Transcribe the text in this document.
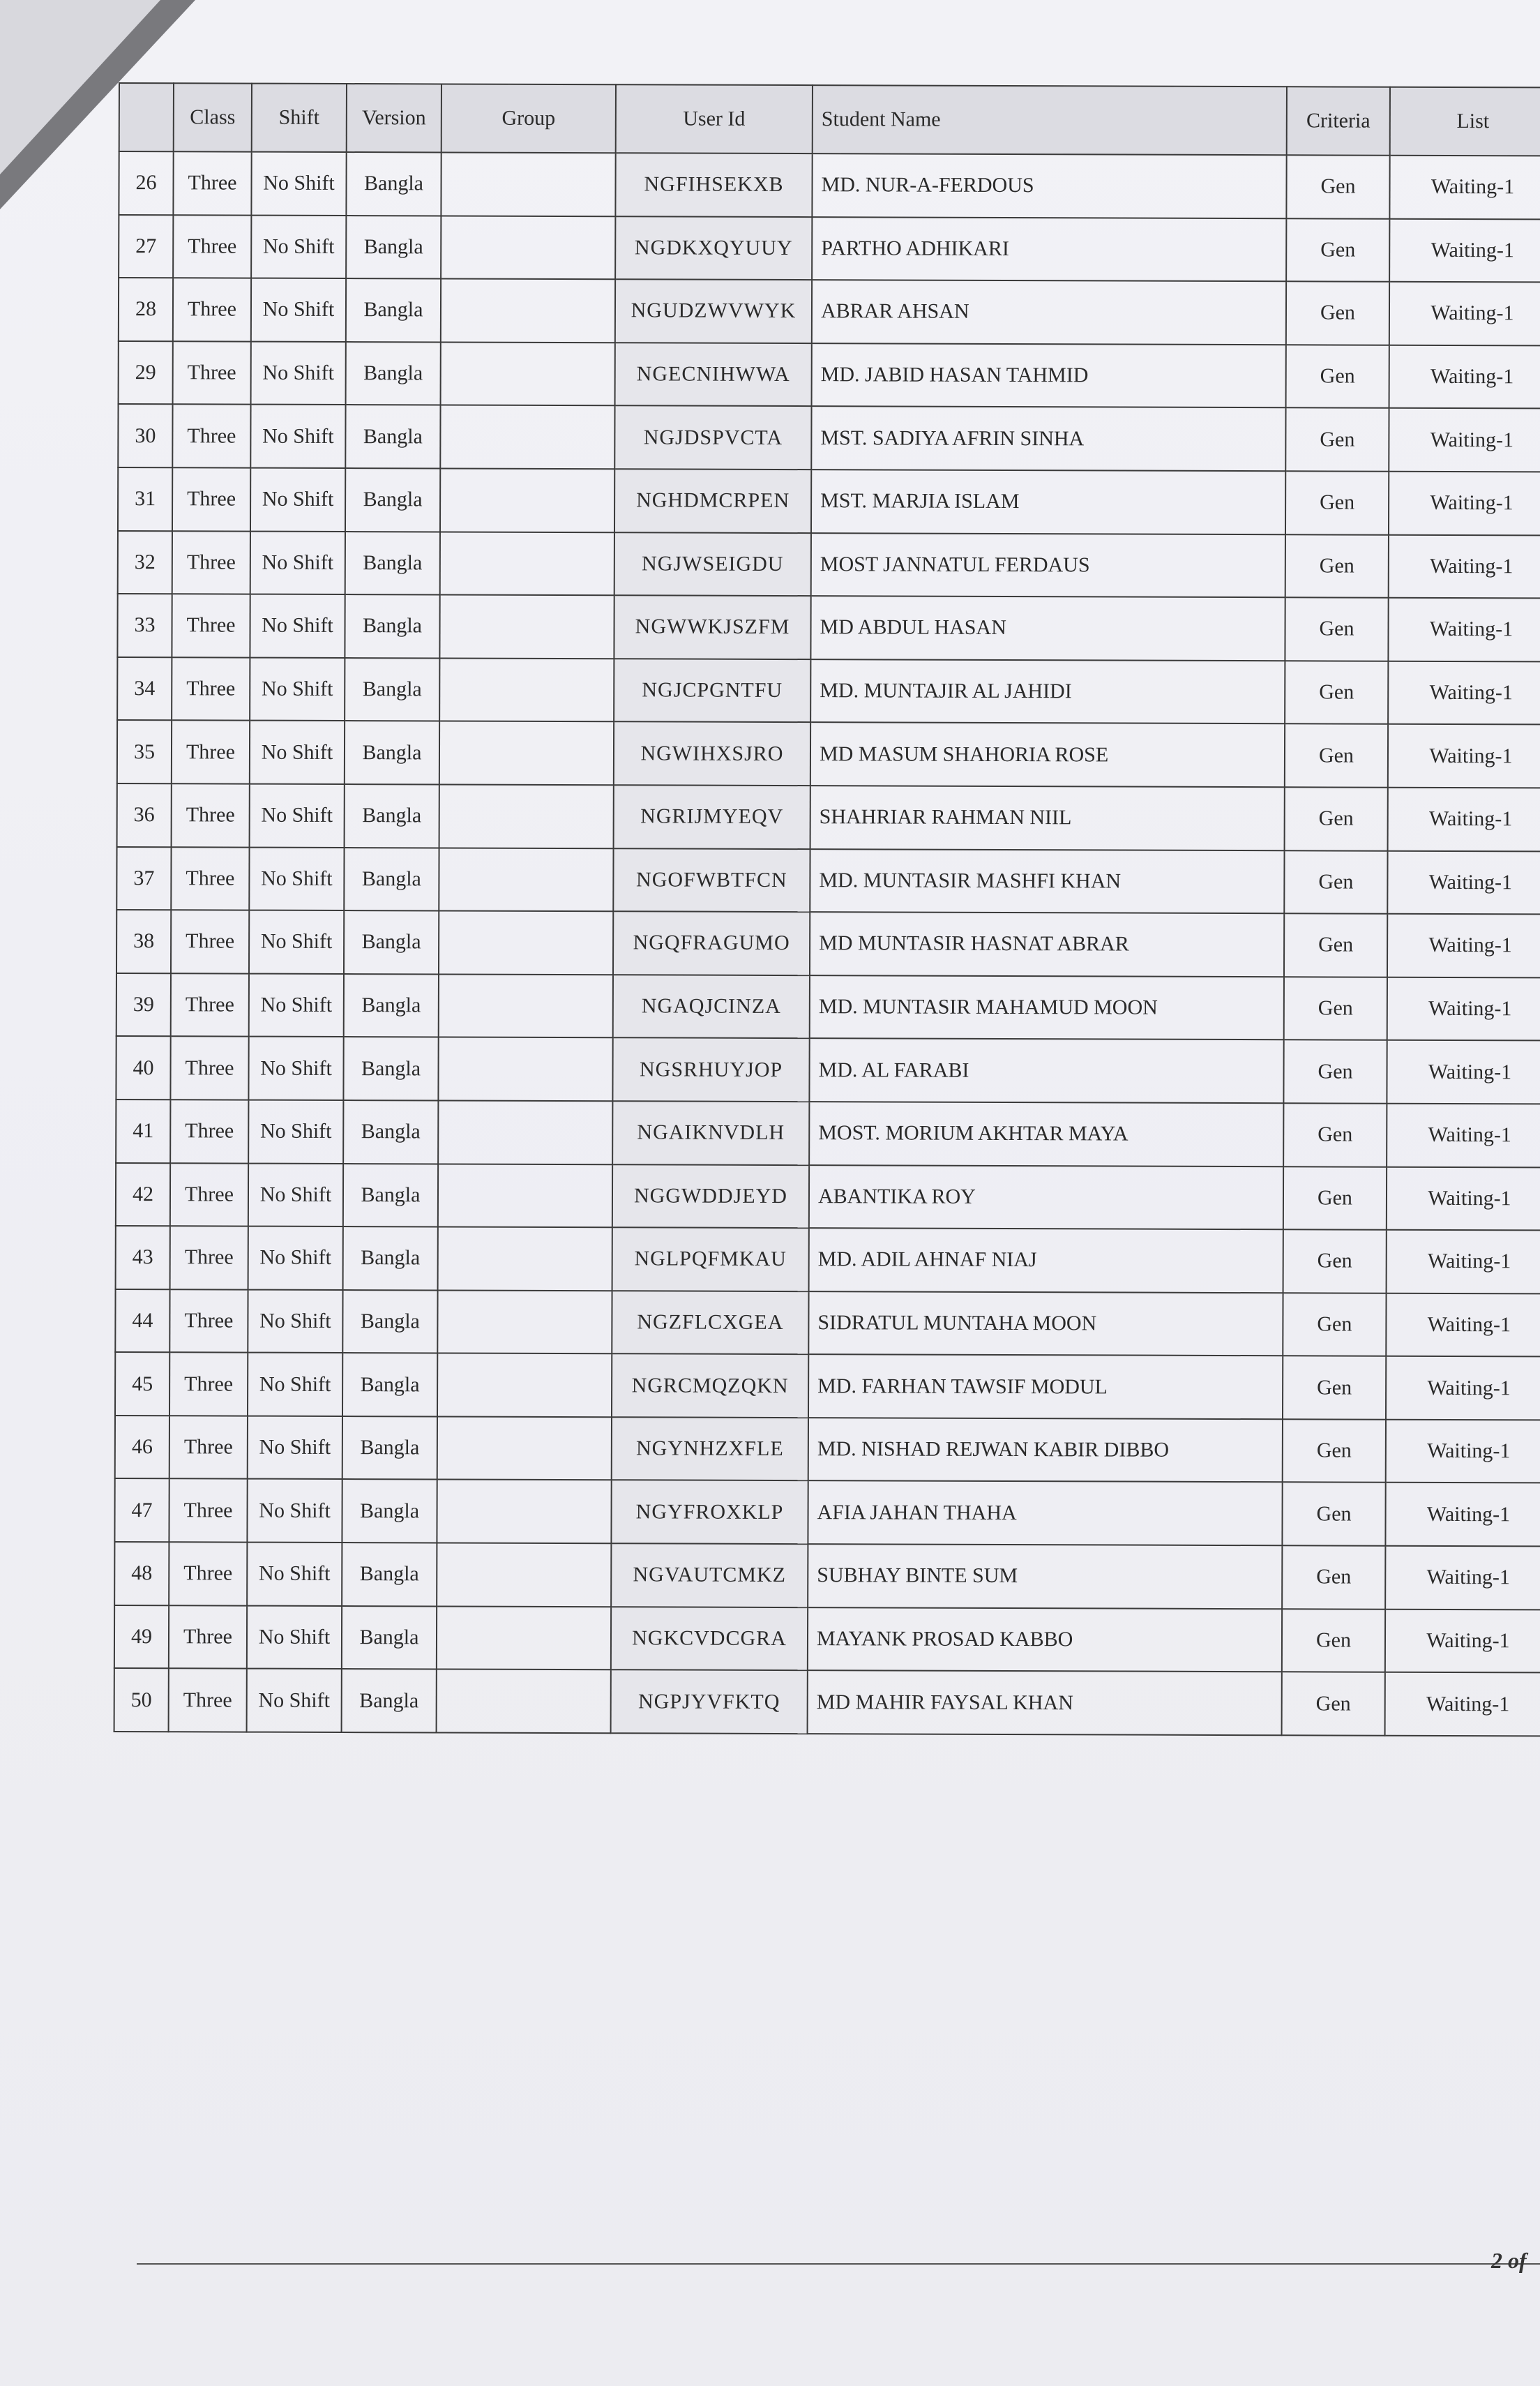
	Class	Shift	Version	Group	User Id	Student Name	Criteria	List
26	Three	No Shift	Bangla		NGFIHSEKXB	MD. NUR-A-FERDOUS	Gen	Waiting-1
27	Three	No Shift	Bangla		NGDKXQYUUY	PARTHO ADHIKARI	Gen	Waiting-1
28	Three	No Shift	Bangla		NGUDZWVWYK	ABRAR AHSAN	Gen	Waiting-1
29	Three	No Shift	Bangla		NGECNIHWWA	MD. JABID HASAN TAHMID	Gen	Waiting-1
30	Three	No Shift	Bangla		NGJDSPVCTA	MST. SADIYA AFRIN SINHA	Gen	Waiting-1
31	Three	No Shift	Bangla		NGHDMCRPEN	MST. MARJIA ISLAM	Gen	Waiting-1
32	Three	No Shift	Bangla		NGJWSEIGDU	MOST JANNATUL FERDAUS	Gen	Waiting-1
33	Three	No Shift	Bangla		NGWWKJSZFM	MD ABDUL HASAN	Gen	Waiting-1
34	Three	No Shift	Bangla		NGJCPGNTFU	MD. MUNTAJIR AL JAHIDI	Gen	Waiting-1
35	Three	No Shift	Bangla		NGWIHXSJRO	MD MASUM SHAHORIA ROSE	Gen	Waiting-1
36	Three	No Shift	Bangla		NGRIJMYEQV	SHAHRIAR RAHMAN NIIL	Gen	Waiting-1
37	Three	No Shift	Bangla		NGOFWBTFCN	MD. MUNTASIR MASHFI KHAN	Gen	Waiting-1
38	Three	No Shift	Bangla		NGQFRAGUMO	MD MUNTASIR HASNAT ABRAR	Gen	Waiting-1
39	Three	No Shift	Bangla		NGAQJCINZA	MD. MUNTASIR MAHAMUD MOON	Gen	Waiting-1
40	Three	No Shift	Bangla		NGSRHUYJOP	MD. AL FARABI	Gen	Waiting-1
41	Three	No Shift	Bangla		NGAIKNVDLH	MOST. MORIUM AKHTAR MAYA	Gen	Waiting-1
42	Three	No Shift	Bangla		NGGWDDJEYD	ABANTIKA ROY	Gen	Waiting-1
43	Three	No Shift	Bangla		NGLPQFMKAU	MD. ADIL AHNAF NIAJ	Gen	Waiting-1
44	Three	No Shift	Bangla		NGZFLCXGEA	SIDRATUL MUNTAHA MOON	Gen	Waiting-1
45	Three	No Shift	Bangla		NGRCMQZQKN	MD. FARHAN TAWSIF MODUL	Gen	Waiting-1
46	Three	No Shift	Bangla		NGYNHZXFLE	MD. NISHAD REJWAN KABIR DIBBO	Gen	Waiting-1
47	Three	No Shift	Bangla		NGYFROXKLP	AFIA JAHAN THAHA	Gen	Waiting-1
48	Three	No Shift	Bangla		NGVAUTCMKZ	SUBHAY BINTE SUM	Gen	Waiting-1
49	Three	No Shift	Bangla		NGKCVDCGRA	MAYANK PROSAD KABBO	Gen	Waiting-1
50	Three	No Shift	Bangla		NGPJYVFKTQ	MD MAHIR FAYSAL KHAN	Gen	Waiting-1
2 of
